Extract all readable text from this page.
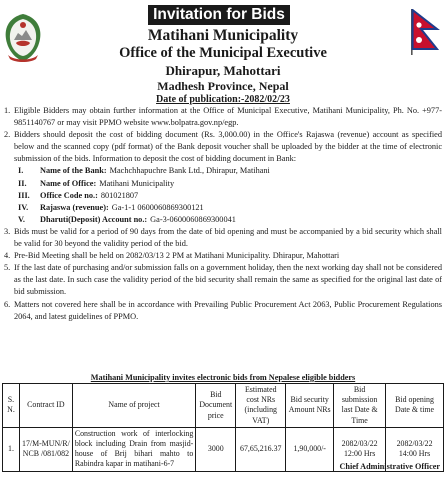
Invitation for Bids
Matihani Municipality
Office of the Municipal Executive
Dhirapur, Mahottari
Madhesh Province, Nepal
Date of publication:-2082/02/23
1. Eligible Bidders may obtain further information at the Office of Municipal Executive, Matihani Municipality, Ph. No. +977-9851140767 or may visit PPMO website www.bolpatra.gov.np/egp.
2. Bidders should deposit the cost of bidding document (Rs. 3,000.00) in the Office's Rajaswa (revenue) account as specified below and the scanned copy (pdf format) of the Bank deposit voucher shall be uploaded by the bidder at the time of electronic submission of the bids. Information to deposit the cost of bidding document in Bank:
I.	Name of the Bank: Machchhapuchre Bank Ltd., Dhirapur, Matihani
II.	Name of Office: Matihani Municipality
III.	Office Code no.: 801021807
IV.	Rajaswa (revenue): Ga-1-1 0600060869300121
V.	Dharuti(Deposit) Account no.: Ga-3-0600060869300041
3. Bids must be valid for a period of 90 days from the date of bid opening and must be accompanied by a bid security which shall be valid for 30 beyond the validity period of the bid.
4. Pre-Bid Meeting shall be held on 2082/03/13 2 PM at Matihani Municipality. Dhirapur, Mahottari
5. If the last date of purchasing and/or submission falls on a government holiday, then the next working day shall not be considered as the last date. In such case the validity period of the bid security shall remain the same as specified for the original last date of bid submission.
6. Matters not covered here shall be in accordance with Prevailing Public Procurement Act 2063, Public Procurement Regulations 2064, and latest guidelines of PPMO.
Matihani Municipality invites electronic bids from Nepalese eligible bidders
S. N.	Contract ID	Name of project	Bid Document price	Estimated cost NRs (including VAT)	Bid security Amount NRs	Bid submission last Date & Time	Bid opening Date & time
1.	17/M-MUN/R/ NCB /081/082	Construction work of interlocking block including Drain from masjid-house of Brij bihari mahto to Rabindra kapar in matihani-6-7	3000	67,65,216.37	1,90,000/-	2082/03/22 12:00 Hrs	2082/03/22 14:00 Hrs
Chief Administrative Officer
